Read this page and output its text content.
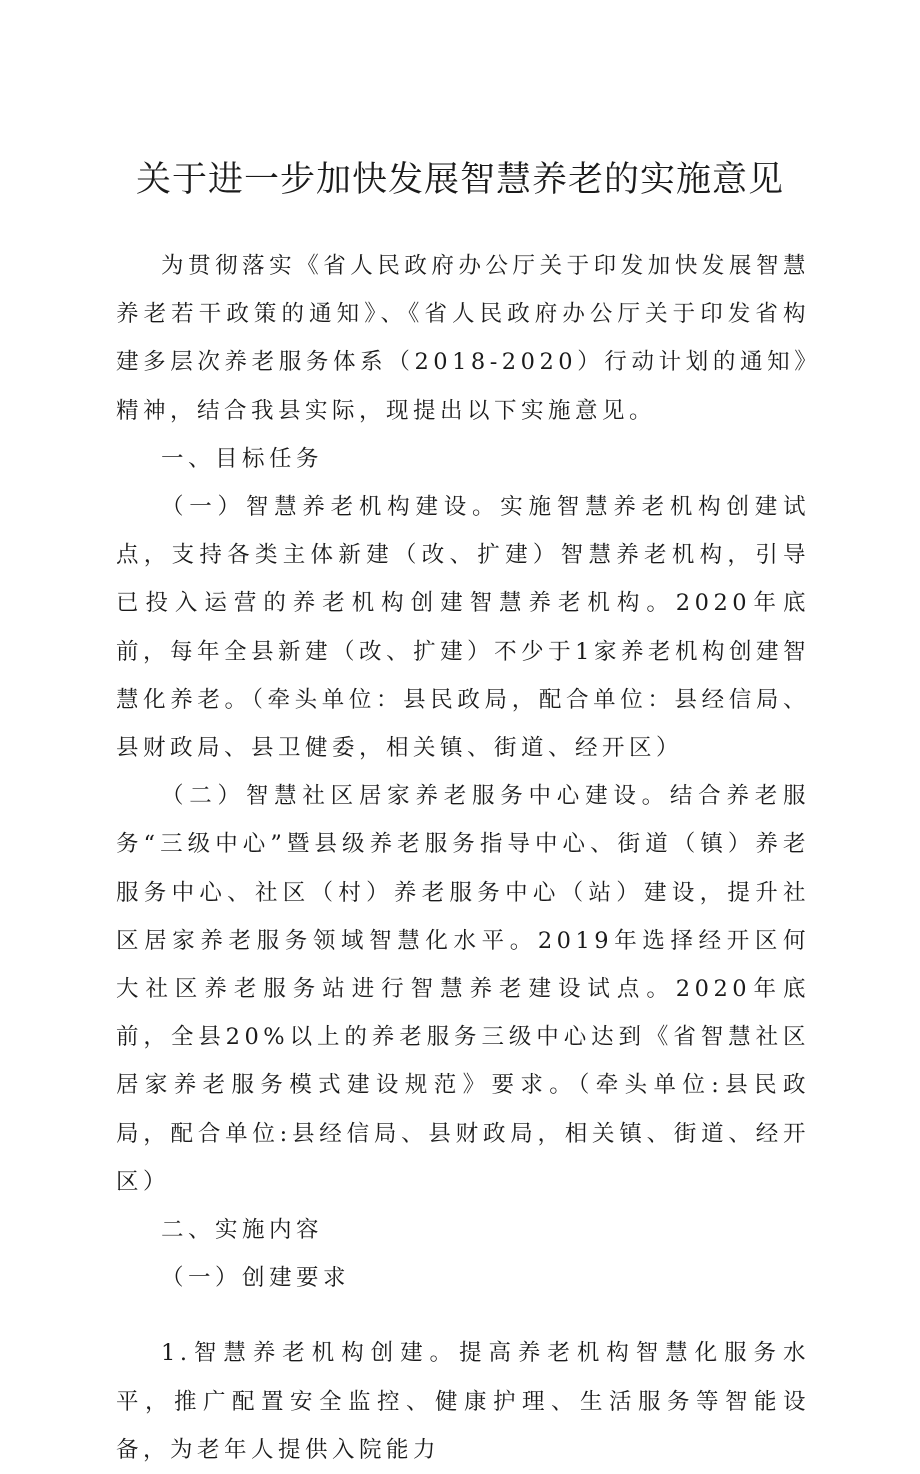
关于进一步加快发展智慧养老的实施意见

为贯彻落实《省人民政府办公厅关于印发加快发展智慧养老若干政策的通知》、《省人民政府办公厅关于印发省构建多层次养老服务体系（2018-2020）行动计划的通知》精神，结合我县实际，现提出以下实施意见。

一、目标任务

（一）智慧养老机构建设。实施智慧养老机构创建试点，支持各类主体新建（改、扩建）智慧养老机构，引导已投入运营的养老机构创建智慧养老机构。2020年底前，每年全县新建（改、扩建）不少于1家养老机构创建智慧化养老。（牵头单位：县民政局，配合单位：县经信局、县财政局、县卫健委，相关镇、街道、经开区）

（二）智慧社区居家养老服务中心建设。结合养老服务“三级中心”暨县级养老服务指导中心、街道（镇）养老服务中心、社区（村）养老服务中心（站）建设，提升社区居家养老服务领域智慧化水平。2019年选择经开区何大社区养老服务站进行智慧养老建设试点。2020年底前，全县20%以上的养老服务三级中心达到《省智慧社区居家养老服务模式建设规范》要求。（牵头单位:县民政局，配合单位:县经信局、县财政局，相关镇、街道、经开区）

二、实施内容

（一）创建要求

1.智慧养老机构创建。提高养老机构智慧化服务水平，推广配置安全监控、健康护理、生活服务等智能设备，为老年人提供入院能力
